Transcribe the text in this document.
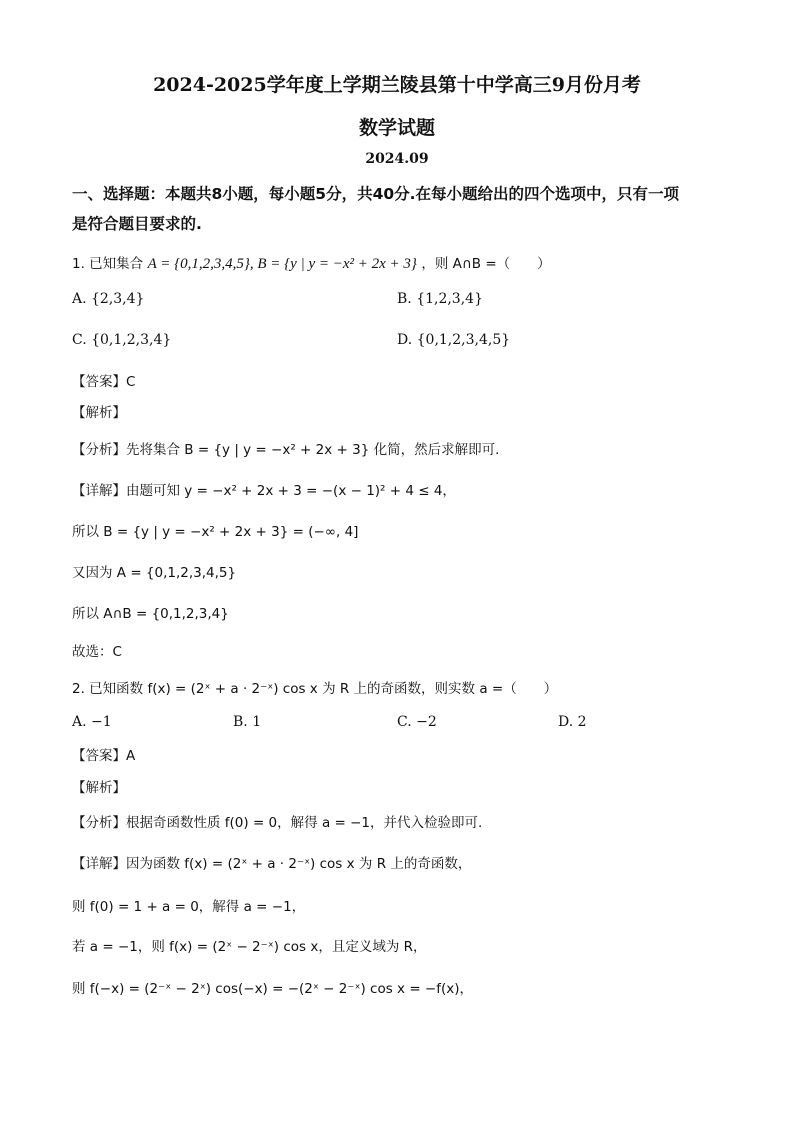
2024-2025学年度上学期兰陵县第十中学高三9月份月考
数学试题
2024.09
一、选择题：本题共8小题，每小题5分，共40分.在每小题给出的四个选项中，只有一项
是符合题目要求的.
1. 已知集合 A = {0,1,2,3,4,5}, B = {y | y = −x² + 2x + 3} ，则 A∩B =（　　）
A. {2,3,4}	B. {1,2,3,4}
C. {0,1,2,3,4}	D. {0,1,2,3,4,5}
【答案】C
【解析】
【分析】先将集合 B = {y | y = −x² + 2x + 3} 化简，然后求解即可.
【详解】由题可知 y = −x² + 2x + 3 = −(x − 1)² + 4 ≤ 4，
所以 B = {y | y = −x² + 2x + 3} = (−∞, 4]
又因为 A = {0,1,2,3,4,5}
所以 A∩B = {0,1,2,3,4}
故选：C
2. 已知函数 f(x) = (2ˣ + a · 2⁻ˣ) cos x 为 R 上的奇函数，则实数 a =（　　）
A. −1	B. 1	C. −2	D. 2
【答案】A
【解析】
【分析】根据奇函数性质 f(0) = 0，解得 a = −1，并代入检验即可.
【详解】因为函数 f(x) = (2ˣ + a · 2⁻ˣ) cos x 为 R 上的奇函数，
则 f(0) = 1 + a = 0，解得 a = −1，
若 a = −1，则 f(x) = (2ˣ − 2⁻ˣ) cos x，且定义域为 R，
则 f(−x) = (2⁻ˣ − 2ˣ) cos(−x) = −(2ˣ − 2⁻ˣ) cos x = −f(x)，
